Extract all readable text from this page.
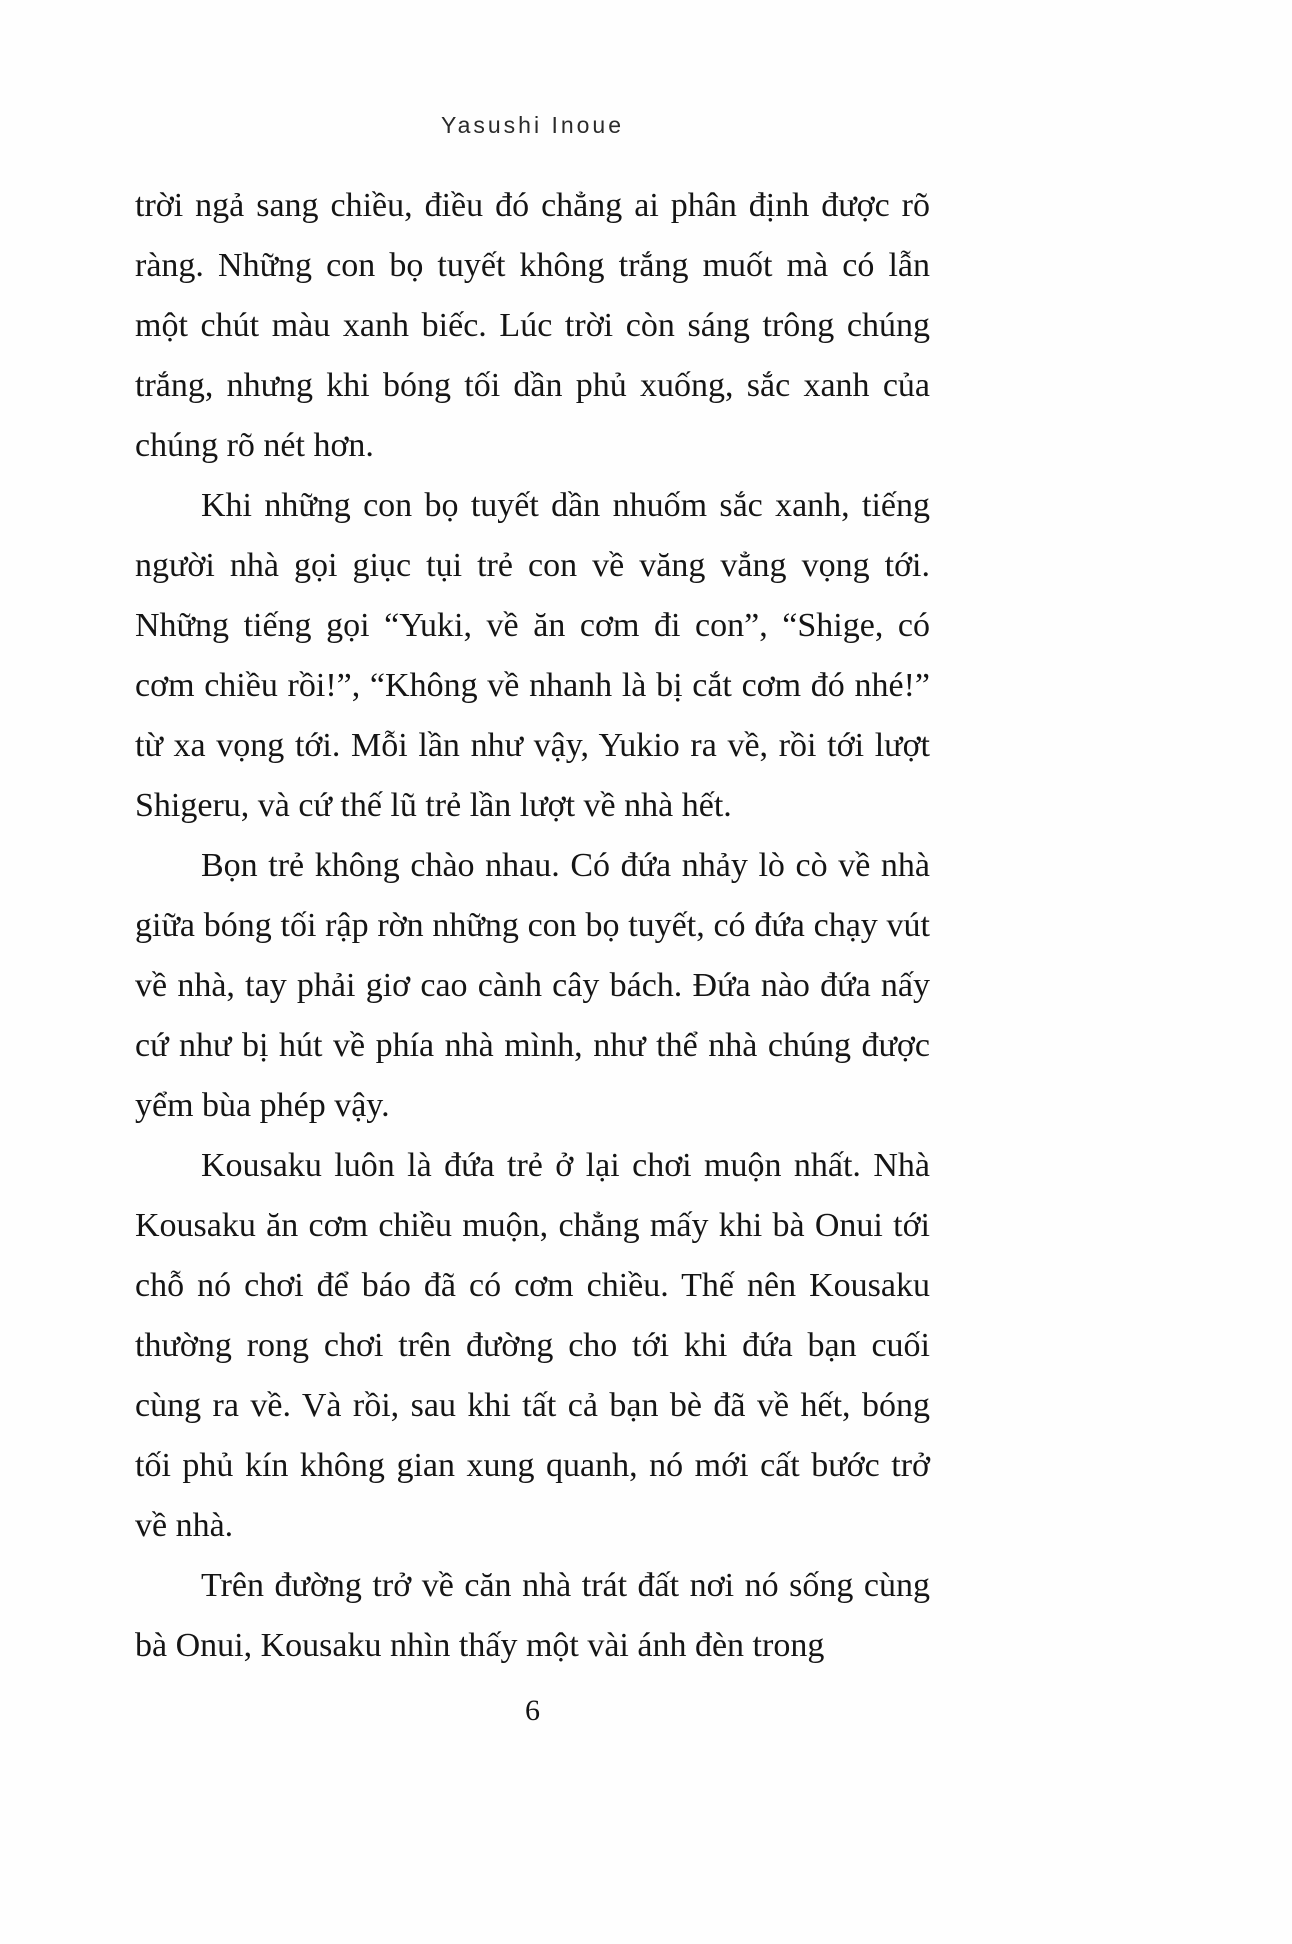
Yasushi Inoue

trời ngả sang chiều, điều đó chẳng ai phân định được rõ ràng. Những con bọ tuyết không trắng muốt mà có lẫn một chút màu xanh biếc. Lúc trời còn sáng trông chúng trắng, nhưng khi bóng tối dần phủ xuống, sắc xanh của chúng rõ nét hơn.

Khi những con bọ tuyết dần nhuốm sắc xanh, tiếng người nhà gọi giục tụi trẻ con về văng vẳng vọng tới. Những tiếng gọi “Yuki, về ăn cơm đi con”, “Shige, có cơm chiều rồi!”, “Không về nhanh là bị cắt cơm đó nhé!” từ xa vọng tới. Mỗi lần như vậy, Yukio ra về, rồi tới lượt Shigeru, và cứ thế lũ trẻ lần lượt về nhà hết.

Bọn trẻ không chào nhau. Có đứa nhảy lò cò về nhà giữa bóng tối rập rờn những con bọ tuyết, có đứa chạy vút về nhà, tay phải giơ cao cành cây bách. Đứa nào đứa nấy cứ như bị hút về phía nhà mình, như thể nhà chúng được yểm bùa phép vậy.

Kousaku luôn là đứa trẻ ở lại chơi muộn nhất. Nhà Kousaku ăn cơm chiều muộn, chẳng mấy khi bà Onui tới chỗ nó chơi để báo đã có cơm chiều. Thế nên Kousaku thường rong chơi trên đường cho tới khi đứa bạn cuối cùng ra về. Và rồi, sau khi tất cả bạn bè đã về hết, bóng tối phủ kín không gian xung quanh, nó mới cất bước trở về nhà.

Trên đường trở về căn nhà trát đất nơi nó sống cùng bà Onui, Kousaku nhìn thấy một vài ánh đèn trong

6
